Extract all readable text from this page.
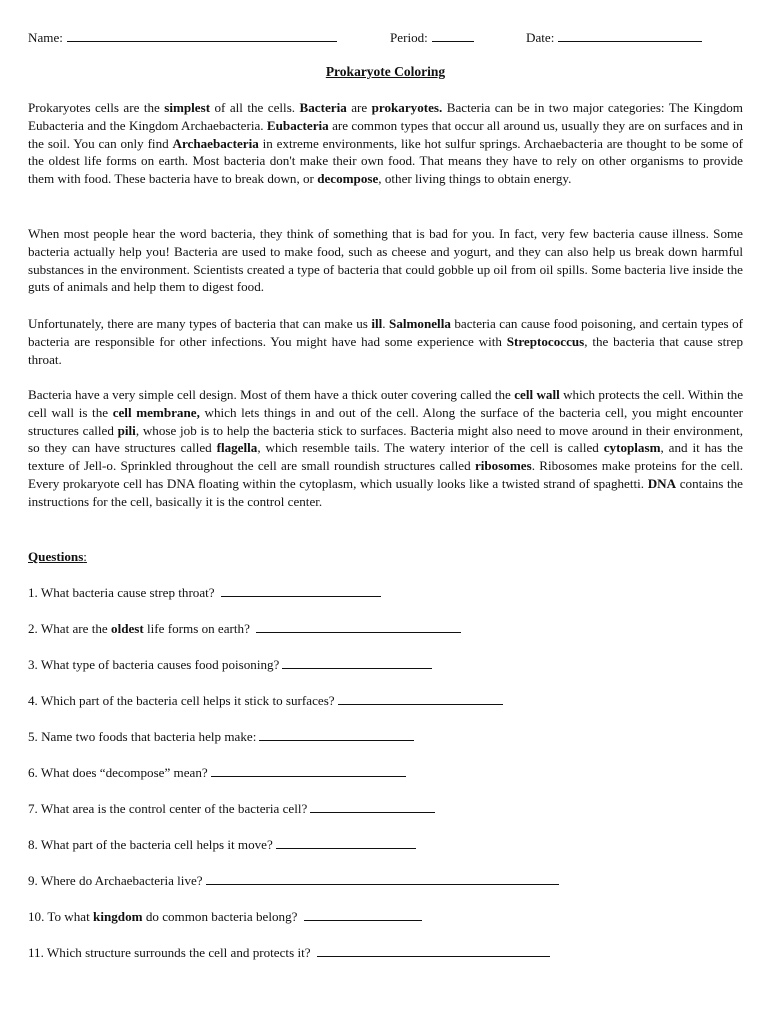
Name:	Period:	Date:
Prokaryote Coloring

Prokaryotes cells are the simplest of all the cells. Bacteria are prokaryotes. Bacteria can be in two major categories: The Kingdom Eubacteria and the Kingdom Archaebacteria. Eubacteria are common types that occur all around us, usually they are on surfaces and in the soil. You can only find Archaebacteria in extreme environments, like hot sulfur springs. Archaebacteria are thought to be some of the oldest life forms on earth. Most bacteria don't make their own food. That means they have to rely on other organisms to provide them with food. These bacteria have to break down, or decompose, other living things to obtain energy.

When most people hear the word bacteria, they think of something that is bad for you. In fact, very few bacteria cause illness. Some bacteria actually help you! Bacteria are used to make food, such as cheese and yogurt, and they can also help us break down harmful substances in the environment. Scientists created a type of bacteria that could gobble up oil from oil spills. Some bacteria live inside the guts of animals and help them to digest food.

Unfortunately, there are many types of bacteria that can make us ill. Salmonella bacteria can cause food poisoning, and certain types of bacteria are responsible for other infections. You might have had some experience with Streptococcus, the bacteria that cause strep throat.

Bacteria have a very simple cell design. Most of them have a thick outer covering called the cell wall which protects the cell. Within the cell wall is the cell membrane, which lets things in and out of the cell. Along the surface of the bacteria cell, you might encounter structures called pili, whose job is to help the bacteria stick to surfaces. Bacteria might also need to move around in their environment, so they can have structures called flagella, which resemble tails. The watery interior of the cell is called cytoplasm, and it has the texture of Jell-o. Sprinkled throughout the cell are small roundish structures called ribosomes. Ribosomes make proteins for the cell. Every prokaryote cell has DNA floating within the cytoplasm, which usually looks like a twisted strand of spaghetti. DNA contains the instructions for the cell, basically it is the control center.

Questions:
1. What bacteria cause strep throat?
2. What are the oldest life forms on earth?
3. What type of bacteria causes food poisoning?
4. Which part of the bacteria cell helps it stick to surfaces?
5. Name two foods that bacteria help make:
6. What does “decompose” mean?
7. What area is the control center of the bacteria cell?
8. What part of the bacteria cell helps it move?
9. Where do Archaebacteria live?
10. To what kingdom do common bacteria belong?
11. Which structure surrounds the cell and protects it?
